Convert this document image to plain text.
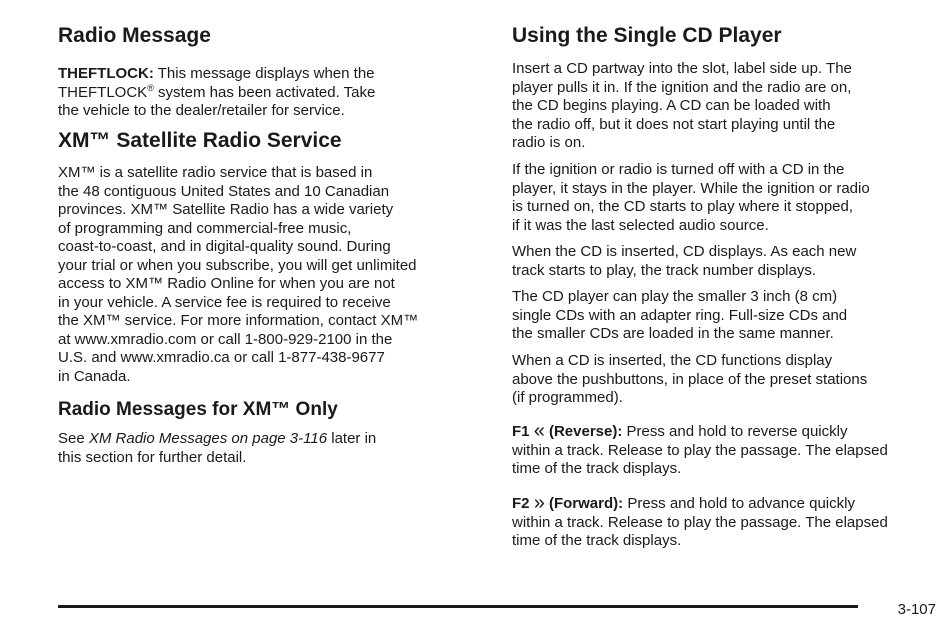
Radio Message
THEFTLOCK: This message displays when the
THEFTLOCK® system has been activated. Take
the vehicle to the dealer/retailer for service.
XM™ Satellite Radio Service
XM™ is a satellite radio service that is based in
the 48 contiguous United States and 10 Canadian
provinces. XM™ Satellite Radio has a wide variety
of programming and commercial-free music,
coast-to-coast, and in digital-quality sound. During
your trial or when you subscribe, you will get unlimited
access to XM™ Radio Online for when you are not
in your vehicle. A service fee is required to receive
the XM™ service. For more information, contact XM™
at www.xmradio.com or call 1-800-929-2100 in the
U.S. and www.xmradio.ca or call 1-877-438-9677
in Canada.
Radio Messages for XM™ Only
See XM Radio Messages on page 3-116 later in
this section for further detail.
Using the Single CD Player
Insert a CD partway into the slot, label side up. The
player pulls it in. If the ignition and the radio are on,
the CD begins playing. A CD can be loaded with
the radio off, but it does not start playing until the
radio is on.
If the ignition or radio is turned off with a CD in the
player, it stays in the player. While the ignition or radio
is turned on, the CD starts to play where it stopped,
if it was the last selected audio source.
When the CD is inserted, CD displays. As each new
track starts to play, the track number displays.
The CD player can play the smaller 3 inch (8 cm)
single CDs with an adapter ring. Full-size CDs and
the smaller CDs are loaded in the same manner.
When a CD is inserted, the CD functions display
above the pushbuttons, in place of the preset stations
(if programmed).
F1 « (Reverse): Press and hold to reverse quickly
within a track. Release to play the passage. The elapsed
time of the track displays.
F2 » (Forward): Press and hold to advance quickly
within a track. Release to play the passage. The elapsed
time of the track displays.
3-107
